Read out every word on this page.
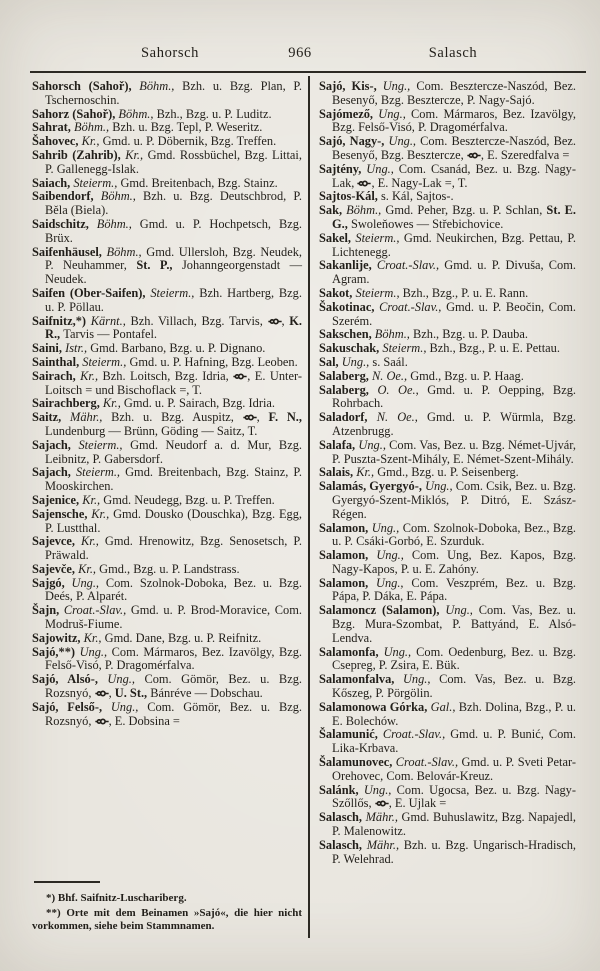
Sahorsch	966	Salasch
Sahorsch (Sahoř), Böhm., Bzh. u. Bzg. Plan, P. Tschernoschin.
Sahorz (Sahoř), Böhm., Bzh., Bzg. u. P. Luditz.
Sahrat, Böhm., Bzh. u. Bzg. Tepl, P. Weseritz.
Šahovec, Kr., Gmd. u. P. Döbernik, Bzg. Treffen.
Sahrib (Zahrib), Kr., Gmd. Rossbüchel, Bzg. Littai, P. Gallenegg-Islak.
Saiach, Steierm., Gmd. Breitenbach, Bzg. Stainz.
Saibendorf, Böhm., Bzh. u. Bzg. Deutschbrod, P. Běla (Biela).
Saidschitz, Böhm., Gmd. u. P. Hochpetsch, Bzg. Brüx.
Saifenhäusel, Böhm., Gmd. Ullersloh, Bzg. Neudek, P. Neuhammer, St. P., Johanngeorgenstadt — Neudek.
Saifen (Ober-Saifen), Steierm., Bzh. Hartberg, Bzg. u. P. Pöllau.
Saifnitz,*) Kärnt., Bzh. Villach, Bzg. Tarvis, , K. R., Tarvis — Pontafel.
Saini, Istr., Gmd. Barbano, Bzg. u. P. Dignano.
Sainthal, Steierm., Gmd. u. P. Hafning, Bzg. Leoben.
Sairach, Kr., Bzh. Loitsch, Bzg. Idria, , E. Unter-Loitsch = und Bischoflack =, T.
Sairachberg, Kr., Gmd. u. P. Sairach, Bzg. Idria.
Saitz, Mähr., Bzh. u. Bzg. Auspitz, , F. N., Lundenburg — Brünn, Göding — Saitz, T.
Sajach, Steierm., Gmd. Neudorf a. d. Mur, Bzg. Leibnitz, P. Gabersdorf.
Sajach, Steierm., Gmd. Breitenbach, Bzg. Stainz, P. Mooskirchen.
Sajenice, Kr., Gmd. Neudegg, Bzg. u. P. Treffen.
Sajensche, Kr., Gmd. Dousko (Douschka), Bzg. Egg, P. Lustthal.
Sajevce, Kr., Gmd. Hrenowitz, Bzg. Senosetsch, P. Präwald.
Sajevče, Kr., Gmd., Bzg. u. P. Landstrass.
Sajgó, Ung., Com. Szolnok-Doboka, Bez. u. Bzg. Deés, P. Alparét.
Šajn, Croat.-Slav., Gmd. u. P. Brod-Moravice, Com. Modruš-Fiume.
Sajowitz, Kr., Gmd. Dane, Bzg. u. P. Reifnitz.
Sajó,**) Ung., Com. Mármaros, Bez. Izavölgy, Bzg. Felső-Visó, P. Dragomérfalva.
Sajó, Alsó-, Ung., Com. Gömör, Bez. u. Bzg. Rozsnyó, , U. St., Bánréve — Dobschau.
Sajó, Felső-, Ung., Com. Gömör, Bez. u. Bzg. Rozsnyó, , E. Dobsina =
Sajó, Kis-, Ung., Com. Besztercze-Naszód, Bez. Besenyő, Bzg. Besztercze, P. Nagy-Sajó.
Sajómező, Ung., Com. Mármaros, Bez. Izavölgy, Bzg. Felső-Visó, P. Dragomérfalva.
Sajó, Nagy-, Ung., Com. Besztercze-Naszód, Bez. Besenyő, Bzg. Besztercze, , E. Szeredfalva =
Sajtény, Ung., Com. Csanád, Bez. u. Bzg. Nagy-Lak, , E. Nagy-Lak =, T.
Sajtos-Kál, s. Kál, Sajtos-.
Sak, Böhm., Gmd. Peher, Bzg. u. P. Schlan, St. E. G., Swoleňowes — Střebichovice.
Sakel, Steierm., Gmd. Neukirchen, Bzg. Pettau, P. Lichtenegg.
Sakanlije, Croat.-Slav., Gmd. u. P. Divuša, Com. Agram.
Sakot, Steierm., Bzh., Bzg., P. u. E. Rann.
Šakotinac, Croat.-Slav., Gmd. u. P. Beočin, Com. Szerém.
Sakschen, Böhm., Bzh., Bzg. u. P. Dauba.
Sakuschak, Steierm., Bzh., Bzg., P. u. E. Pettau.
Sal, Ung., s. Saál.
Salaberg, N. Oe., Gmd., Bzg. u. P. Haag.
Salaberg, O. Oe., Gmd. u. P. Oepping, Bzg. Rohrbach.
Saladorf, N. Oe., Gmd. u. P. Würmla, Bzg. Atzenbrugg.
Salafa, Ung., Com. Vas, Bez. u. Bzg. Német-Ujvár, P. Puszta-Szent-Mihály, E. Német-Szent-Mihály.
Salais, Kr., Gmd., Bzg. u. P. Seisenberg.
Salamás, Gyergyó-, Ung., Com. Csik, Bez. u. Bzg. Gyergyó-Szent-Miklós, P. Ditró, E. Szász-Régen.
Salamon, Ung., Com. Szolnok-Doboka, Bez., Bzg. u. P. Csáki-Gorbó, E. Szurduk.
Salamon, Ung., Com. Ung, Bez. Kapos, Bzg. Nagy-Kapos, P. u. E. Zahóny.
Salamon, Ung., Com. Veszprém, Bez. u. Bzg. Pápa, P. Dáka, E. Pápa.
Salamoncz (Salamon), Ung., Com. Vas, Bez. u. Bzg. Mura-Szombat, P. Battyánd, E. Alsó-Lendva.
Salamonfa, Ung., Com. Oedenburg, Bez. u. Bzg. Csepreg, P. Zsira, E. Bük.
Salamonfalva, Ung., Com. Vas, Bez. u. Bzg. Kőszeg, P. Pörgölin.
Salamonowa Górka, Gal., Bzh. Dolina, Bzg., P. u. E. Bolechów.
Šalamunić, Croat.-Slav., Gmd. u. P. Bunić, Com. Lika-Krbava.
Šalamunovec, Croat.-Slav., Gmd. u. P. Sveti Petar-Orehovec, Com. Belovár-Kreuz.
Salánk, Ung., Com. Ugocsa, Bez. u. Bzg. Nagy-Szőllős, , E. Ujlak =
Salasch, Mähr., Gmd. Buhuslawitz, Bzg. Napajedl, P. Malenowitz.
Salasch, Mähr., Bzh. u. Bzg. Ungarisch-Hradisch, P. Welehrad.
*) Bhf. Saifnitz-Luschariberg.
**) Orte mit dem Beinamen »Sajó«, die hier nicht vorkommen, siehe beim Stammnamen.
